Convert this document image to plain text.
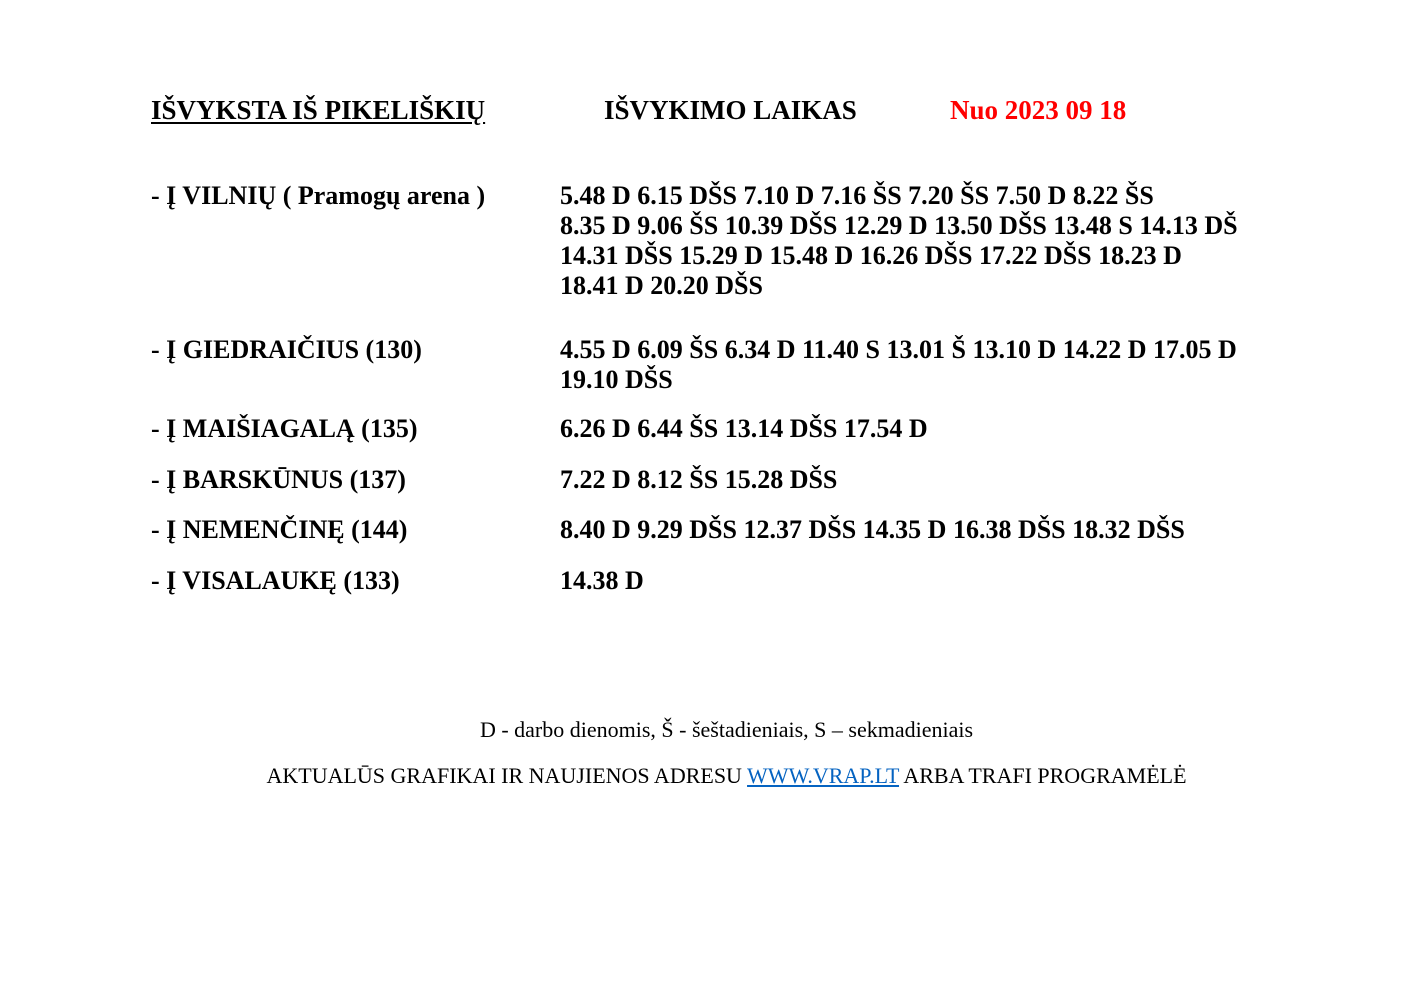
IŠVYKSTA IŠ PIKELIŠKIŲ	IŠVYKIMO LAIKAS	Nuo 2023 09 18
- Į VILNIŲ ( Pramogų arena )	5.48 D 6.15 DŠS 7.10 D 7.16 ŠS 7.20 ŠS 7.50 D 8.22 ŠS
8.35 D 9.06 ŠS 10.39 DŠS 12.29 D 13.50 DŠS 13.48 S 14.13 DŠ
14.31 DŠS 15.29 D 15.48 D 16.26 DŠS 17.22 DŠS 18.23 D
18.41 D 20.20 DŠS
- Į GIEDRAIČIUS (130)	4.55 D 6.09 ŠS 6.34 D 11.40 S 13.01 Š 13.10 D 14.22 D 17.05 D
19.10 DŠS
- Į MAIŠIAGALĄ (135)	6.26 D 6.44 ŠS 13.14 DŠS 17.54 D
- Į BARSKŪNUS (137)	7.22 D 8.12 ŠS 15.28 DŠS
- Į NEMENČINĘ (144)	8.40 D 9.29 DŠS 12.37 DŠS 14.35 D 16.38 DŠS 18.32 DŠS
- Į VISALAUKĘ (133)	14.38 D
D - darbo dienomis, Š - šeštadieniais, S – sekmadieniais
AKTUALŪS GRAFIKAI IR NAUJIENOS ADRESU WWW.VRAP.LT ARBA TRAFI PROGRAMĖLĖ
